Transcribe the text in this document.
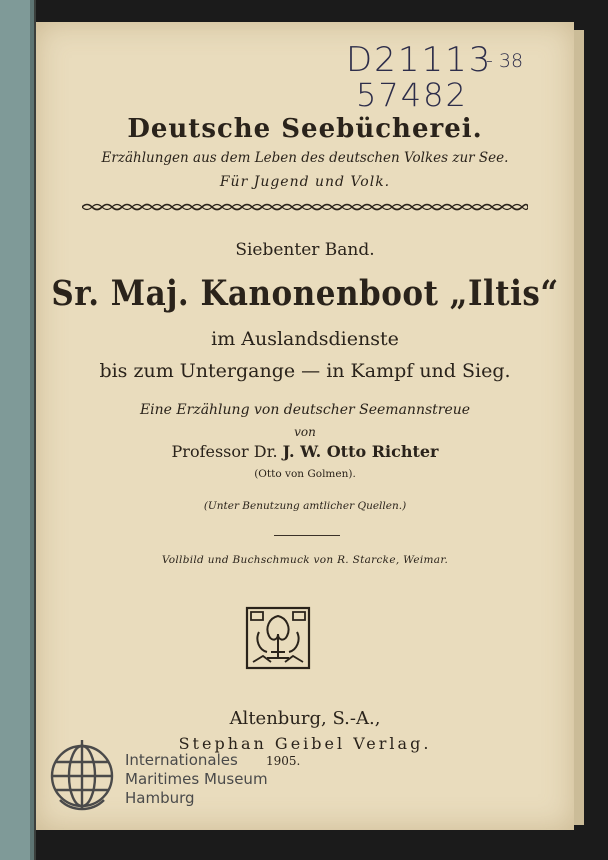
D21113
- 38
57482
Deutsche Seebücherei.
Erzählungen aus dem Leben des deutschen Volkes zur See.
Für Jugend und Volk.
Siebenter Band.
Sr. Maj. Kanonenboot „Iltis“
im Auslandsdienste
bis zum Untergange — in Kampf und Sieg.
Eine Erzählung von deutscher Seemannstreue
von
Professor Dr. J. W. Otto Richter
(Otto von Golmen).
(Unter Benutzung amtlicher Quellen.)
Vollbild und Buchschmuck von R. Starcke, Weimar.
Altenburg, S.-A.,
Stephan Geibel Verlag.
1905.
Internationales
Maritimes Museum
Hamburg
